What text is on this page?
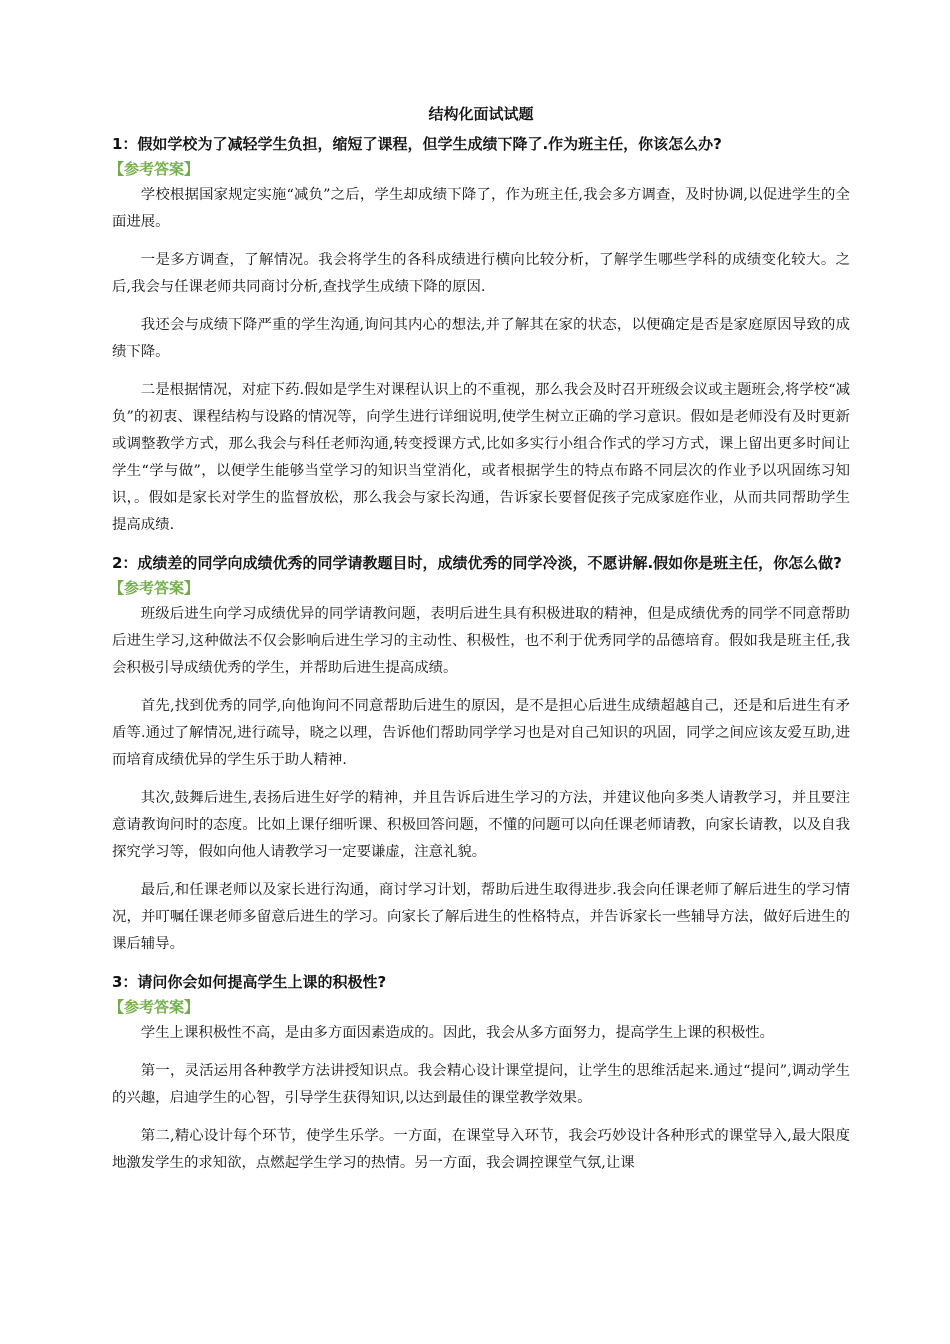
结构化面试试题

1：假如学校为了减轻学生负担，缩短了课程，但学生成绩下降了.作为班主任，你该怎么办?

【参考答案】

学校根据国家规定实施“减负”之后，学生却成绩下降了，作为班主任,我会多方调查，及时协调,以促进学生的全面进展。

一是多方调查，了解情况。我会将学生的各科成绩进行横向比较分析，了解学生哪些学科的成绩变化较大。之后,我会与任课老师共同商讨分析,查找学生成绩下降的原因.

我还会与成绩下降严重的学生沟通,询问其内心的想法,并了解其在家的状态，以便确定是否是家庭原因导致的成绩下降。

二是根据情况，对症下药.假如是学生对课程认识上的不重视，那么我会及时召开班级会议或主题班会,将学校“减负”的初衷、课程结构与设路的情况等，向学生进行详细说明,使学生树立正确的学习意识。假如是老师没有及时更新或调整教学方式，那么我会与科任老师沟通,转变授课方式,比如多实行小组合作式的学习方式，课上留出更多时间让学生“学与做”，以便学生能够当堂学习的知识当堂消化，或者根据学生的特点布路不同层次的作业予以巩固练习知识，。假如是家长对学生的监督放松，那么我会与家长沟通，告诉家长要督促孩子完成家庭作业，从而共同帮助学生提高成绩.

2：成绩差的同学向成绩优秀的同学请教题目时，成绩优秀的同学冷淡，不愿讲解.假如你是班主任，你怎么做?

【参考答案】

班级后进生向学习成绩优异的同学请教问题，表明后进生具有积极进取的精神，但是成绩优秀的同学不同意帮助后进生学习,这种做法不仅会影响后进生学习的主动性、积极性，也不利于优秀同学的品德培育。假如我是班主任,我会积极引导成绩优秀的学生，并帮助后进生提高成绩。

首先,找到优秀的同学,向他询问不同意帮助后进生的原因，是不是担心后进生成绩超越自己，还是和后进生有矛盾等.通过了解情况,进行疏导，晓之以理，告诉他们帮助同学学习也是对自己知识的巩固，同学之间应该友爱互助,进而培育成绩优异的学生乐于助人精神.

其次,鼓舞后进生,表扬后进生好学的精神，并且告诉后进生学习的方法，并建议他向多类人请教学习，并且要注意请教询问时的态度。比如上课仔细听课、积极回答问题，不懂的问题可以向任课老师请教，向家长请教，以及自我探究学习等，假如向他人请教学习一定要谦虚，注意礼貌。

最后,和任课老师以及家长进行沟通，商讨学习计划，帮助后进生取得进步.我会向任课老师了解后进生的学习情况，并叮嘱任课老师多留意后进生的学习。向家长了解后进生的性格特点，并告诉家长一些辅导方法，做好后进生的课后辅导。

3：请问你会如何提高学生上课的积极性?

【参考答案】

学生上课积极性不高，是由多方面因素造成的。因此，我会从多方面努力，提高学生上课的积极性。

第一，灵活运用各种教学方法讲授知识点。我会精心设计课堂提问，让学生的思维活起来.通过“提问”,调动学生的兴趣，启迪学生的心智，引导学生获得知识,以达到最佳的课堂教学效果。

第二,精心设计每个环节，使学生乐学。一方面，在课堂导入环节，我会巧妙设计各种形式的课堂导入,最大限度地激发学生的求知欲，点燃起学生学习的热情。另一方面，我会调控课堂气氛,让课
